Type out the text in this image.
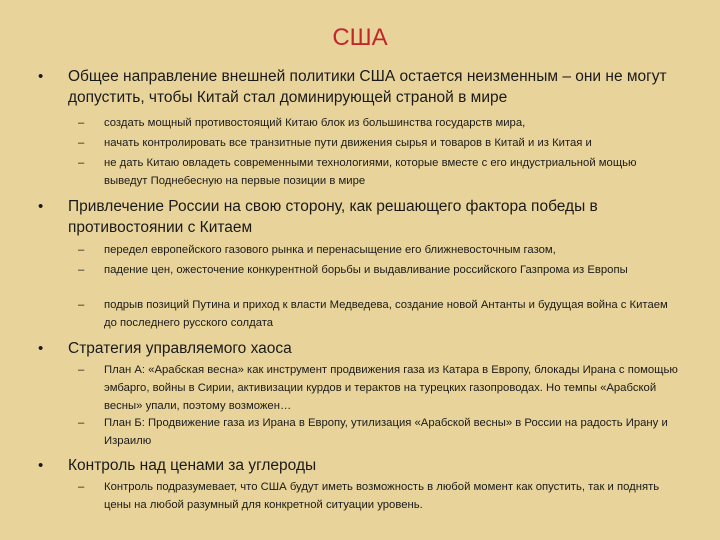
США
• Общее направление внешней политики США остается неизменным – они не могут допустить, чтобы Китай стал доминирующей страной в мире
– создать мощный противостоящий Китаю блок из большинства государств мира,
– начать контролировать все транзитные пути движения сырья и товаров в Китай и из Китая и
– не дать Китаю овладеть современными технологиями, которые вместе с его индустриальной мощью выведут Поднебесную на первые позиции в мире
• Привлечение России на свою сторону, как решающего фактора победы в противостоянии с Китаем
– передел европейского газового рынка и перенасыщение его ближневосточным газом,
– падение цен, ожесточение конкурентной борьбы и выдавливание российского Газпрома из Европы
– подрыв позиций Путина и приход к власти Медведева, создание новой Антанты и будущая война с Китаем до последнего русского солдата
• Стратегия управляемого хаоса
– План А: «Арабская весна» как инструмент продвижения газа из Катара в Европу, блокады Ирана с помощью эмбарго, войны в Сирии, активизации курдов и терактов на турецких газопроводах. Но темпы «Арабской весны» упали, поэтому возможен…
– План Б: Продвижение газа из Ирана в Европу, утилизация «Арабской весны» в России на радость Ирану и Израилю
• Контроль над ценами за углероды
– Контроль подразумевает, что США будут иметь возможность в любой момент как опустить, так и поднять цены на любой разумный для конкретной ситуации уровень.
